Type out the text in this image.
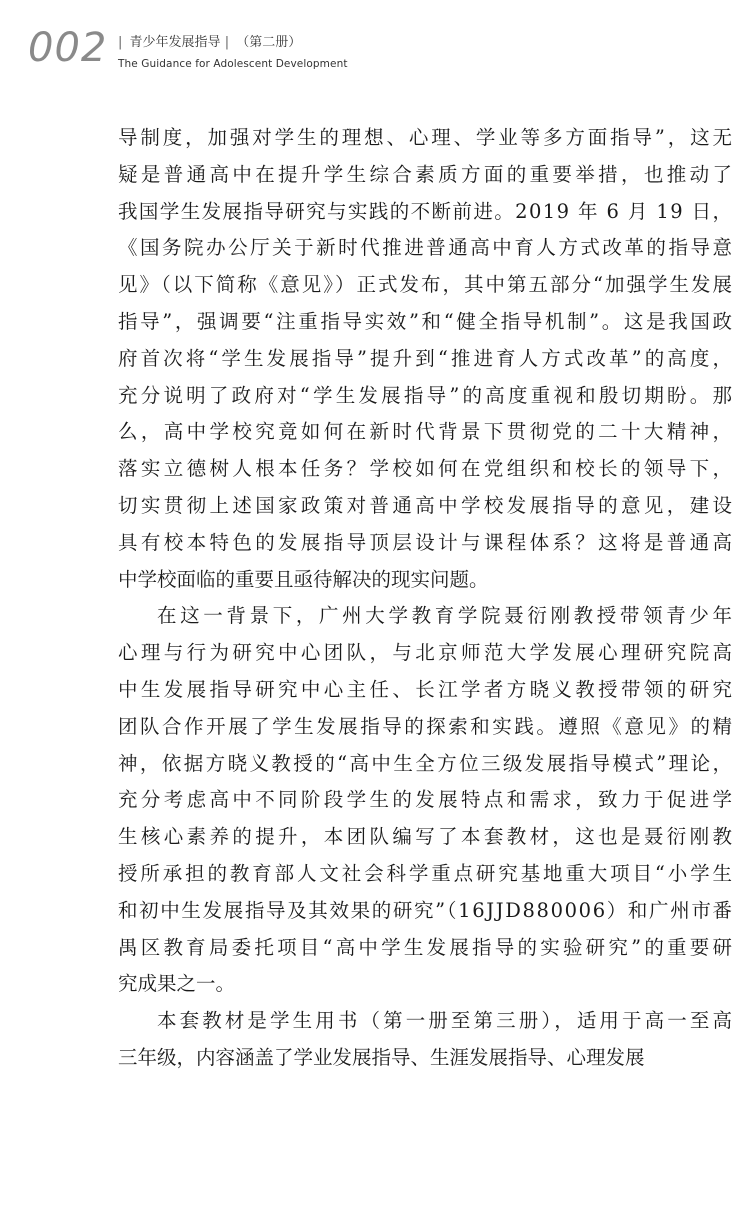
002 | 青少年发展指导 | （第二册）
The Guidance for Adolescent Development
导制度，加强对学生的理想、心理、学业等多方面指导”，这无
疑是普通高中在提升学生综合素质方面的重要举措，也推动了
我国学生发展指导研究与实践的不断前进。2019 年 6 月 19 日，
《国务院办公厅关于新时代推进普通高中育人方式改革的指导意
见》（以下简称《意见》）正式发布，其中第五部分“加强学生发展
指导”，强调要“注重指导实效”和“健全指导机制”。这是我国政
府首次将“学生发展指导”提升到“推进育人方式改革”的高度，
充分说明了政府对“学生发展指导”的高度重视和殷切期盼。那
么，高中学校究竟如何在新时代背景下贯彻党的二十大精神，
落实立德树人根本任务？学校如何在党组织和校长的领导下，
切实贯彻上述国家政策对普通高中学校发展指导的意见，建设
具有校本特色的发展指导顶层设计与课程体系？这将是普通高
中学校面临的重要且亟待解决的现实问题。
在这一背景下，广州大学教育学院聂衍刚教授带领青少年
心理与行为研究中心团队，与北京师范大学发展心理研究院高
中生发展指导研究中心主任、长江学者方晓义教授带领的研究
团队合作开展了学生发展指导的探索和实践。遵照《意见》的精
神，依据方晓义教授的“高中生全方位三级发展指导模式”理论，
充分考虑高中不同阶段学生的发展特点和需求，致力于促进学
生核心素养的提升，本团队编写了本套教材，这也是聂衍刚教
授所承担的教育部人文社会科学重点研究基地重大项目“小学生
和初中生发展指导及其效果的研究”（16JJD880006）和广州市番
禺区教育局委托项目“高中学生发展指导的实验研究”的重要研
究成果之一。
本套教材是学生用书（第一册至第三册），适用于高一至高
三年级，内容涵盖了学业发展指导、生涯发展指导、心理发展
